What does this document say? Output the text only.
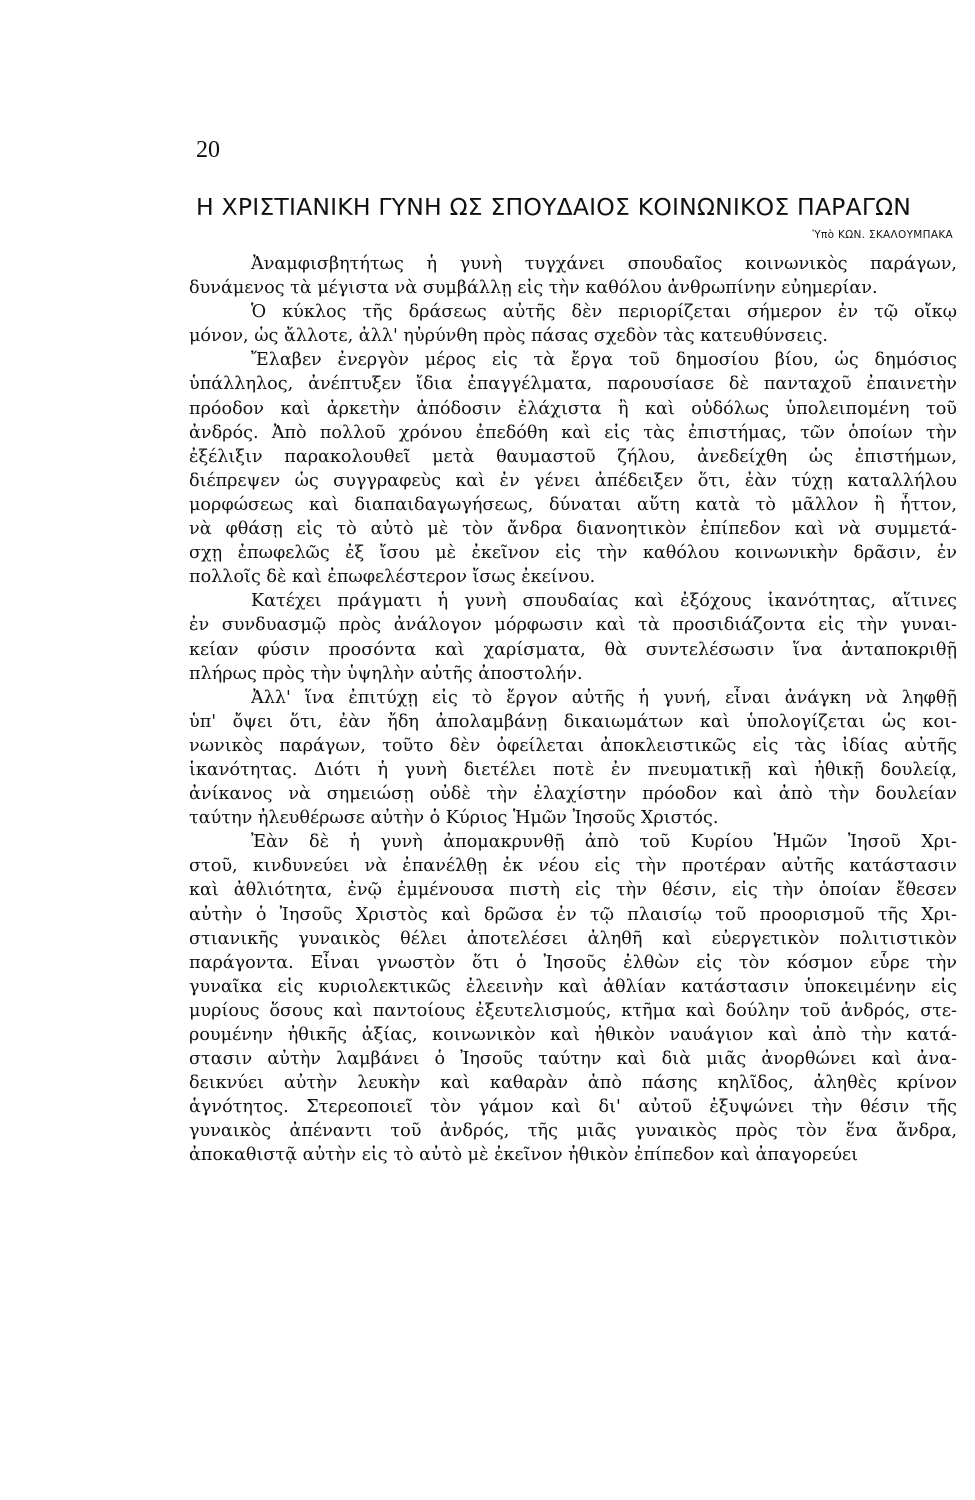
20
Η ΧΡΙΣΤΙΑΝΙΚΗ ΓΥΝΗ ΩΣ ΣΠΟΥΔΑΙΟΣ ΚΟΙΝΩΝΙΚΟΣ ΠΑΡΑΓΩΝ
Ὑπὸ ΚΩΝ. ΣΚΑΛΟΥΜΠΑΚΑ
Ἀναμφισβητήτως ἡ γυνὴ τυγχάνει σπουδαῖος κοινωνικὸς παράγων,
δυνάμενος τὰ μέγιστα νὰ συμβάλλῃ εἰς τὴν καθόλου ἀνθρωπίνην εὐημερίαν.
Ὁ κύκλος τῆς δράσεως αὐτῆς δὲν περιορίζεται σήμερον ἐν τῷ οἴκῳ
μόνον, ὡς ἄλλοτε, ἀλλ' ηὐρύνθη πρὸς πάσας σχεδὸν τὰς κατευθύνσεις.
Ἔλαβεν ἐνεργὸν μέρος εἰς τὰ ἔργα τοῦ δημοσίου βίου, ὡς δημόσιος
ὑπάλληλος, ἀνέπτυξεν ἴδια ἐπαγγέλματα, παρουσίασε δὲ πανταχοῦ ἐπαινετὴν
πρόοδον καὶ ἀρκετὴν ἀπόδοσιν ἐλάχιστα ἢ καὶ οὐδόλως ὑπολειπομένη τοῦ
ἀνδρός. Ἀπὸ πολλοῦ χρόνου ἐπεδόθη καὶ εἰς τὰς ἐπιστήμας, τῶν ὁποίων τὴν
ἐξέλιξιν παρακολουθεῖ μετὰ θαυμαστοῦ ζήλου, ἀνεδείχθη ὡς ἐπιστήμων,
διέπρεψεν ὡς συγγραφεὺς καὶ ἐν γένει ἀπέδειξεν ὅτι, ἐὰν τύχῃ καταλλήλου
μορφώσεως καὶ διαπαιδαγωγήσεως, δύναται αὕτη κατὰ τὸ μᾶλλον ἢ ἧττον,
νὰ φθάσῃ εἰς τὸ αὐτὸ μὲ τὸν ἄνδρα διανοητικὸν ἐπίπεδον καὶ νὰ συμμετά-
σχῃ ἐπωφελῶς ἐξ ἴσου μὲ ἐκεῖνον εἰς τὴν καθόλου κοινωνικὴν δρᾶσιν, ἐν
πολλοῖς δὲ καὶ ἐπωφελέστερον ἴσως ἐκείνου.
Κατέχει πράγματι ἡ γυνὴ σπουδαίας καὶ ἐξόχους ἱκανότητας, αἵτινες
ἐν συνδυασμῷ πρὸς ἀνάλογον μόρφωσιν καὶ τὰ προσιδιάζοντα εἰς τὴν γυναι-
κείαν φύσιν προσόντα καὶ χαρίσματα, θὰ συντελέσωσιν ἵνα ἀνταποκριθῇ
πλήρως πρὸς τὴν ὑψηλὴν αὐτῆς ἀποστολήν.
Ἀλλ' ἵνα ἐπιτύχῃ εἰς τὸ ἔργον αὐτῆς ἡ γυνή, εἶναι ἀνάγκη νὰ ληφθῇ
ὑπ' ὄψει ὅτι, ἐὰν ἤδη ἀπολαμβάνῃ δικαιωμάτων καὶ ὑπολογίζεται ὡς κοι-
νωνικὸς παράγων, τοῦτο δὲν ὀφείλεται ἀποκλειστικῶς εἰς τὰς ἰδίας αὐτῆς
ἱκανότητας. Διότι ἡ γυνὴ διετέλει ποτὲ ἐν πνευματικῇ καὶ ἠθικῇ δουλείᾳ,
ἀνίκανος νὰ σημειώσῃ οὐδὲ τὴν ἐλαχίστην πρόοδον καὶ ἀπὸ τὴν δουλείαν
ταύτην ἠλευθέρωσε αὐτὴν ὁ Κύριος Ἡμῶν Ἰησοῦς Χριστός.
Ἐὰν δὲ ἡ γυνὴ ἀπομακρυνθῇ ἀπὸ τοῦ Κυρίου Ἡμῶν Ἰησοῦ Χρι-
στοῦ, κινδυνεύει νὰ ἐπανέλθῃ ἐκ νέου εἰς τὴν προτέραν αὐτῆς κατάστασιν
καὶ ἀθλιότητα, ἐνῷ ἐμμένουσα πιστὴ εἰς τὴν θέσιν, εἰς τὴν ὁποίαν ἔθεσεν
αὐτὴν ὁ Ἰησοῦς Χριστὸς καὶ δρῶσα ἐν τῷ πλαισίῳ τοῦ προορισμοῦ τῆς Χρι-
στιανικῆς γυναικὸς θέλει ἀποτελέσει ἀληθῆ καὶ εὐεργετικὸν πολιτιστικὸν
παράγοντα. Εἶναι γνωστὸν ὅτι ὁ Ἰησοῦς ἐλθὼν εἰς τὸν κόσμον εὗρε τὴν
γυναῖκα εἰς κυριολεκτικῶς ἐλεεινὴν καὶ ἀθλίαν κατάστασιν ὑποκειμένην εἰς
μυρίους ὅσους καὶ παντοίους ἐξευτελισμούς, κτῆμα καὶ δούλην τοῦ ἀνδρός, στε-
ρουμένην ἠθικῆς ἀξίας, κοινωνικὸν καὶ ἠθικὸν ναυάγιον καὶ ἀπὸ τὴν κατά-
στασιν αὐτὴν λαμβάνει ὁ Ἰησοῦς ταύτην καὶ διὰ μιᾶς ἀνορθώνει καὶ ἀνα-
δεικνύει αὐτὴν λευκὴν καὶ καθαρὰν ἀπὸ πάσης κηλῖδος, ἀληθὲς κρίνον
ἁγνότητος. Στερεοποιεῖ τὸν γάμον καὶ δι' αὐτοῦ ἐξυψώνει τὴν θέσιν τῆς
γυναικὸς ἀπέναντι τοῦ ἀνδρός, τῆς μιᾶς γυναικὸς πρὸς τὸν ἕνα ἄνδρα,
ἀποκαθιστᾷ αὐτὴν εἰς τὸ αὐτὸ μὲ ἐκεῖνον ἠθικὸν ἐπίπεδον καὶ ἀπαγορεύει
